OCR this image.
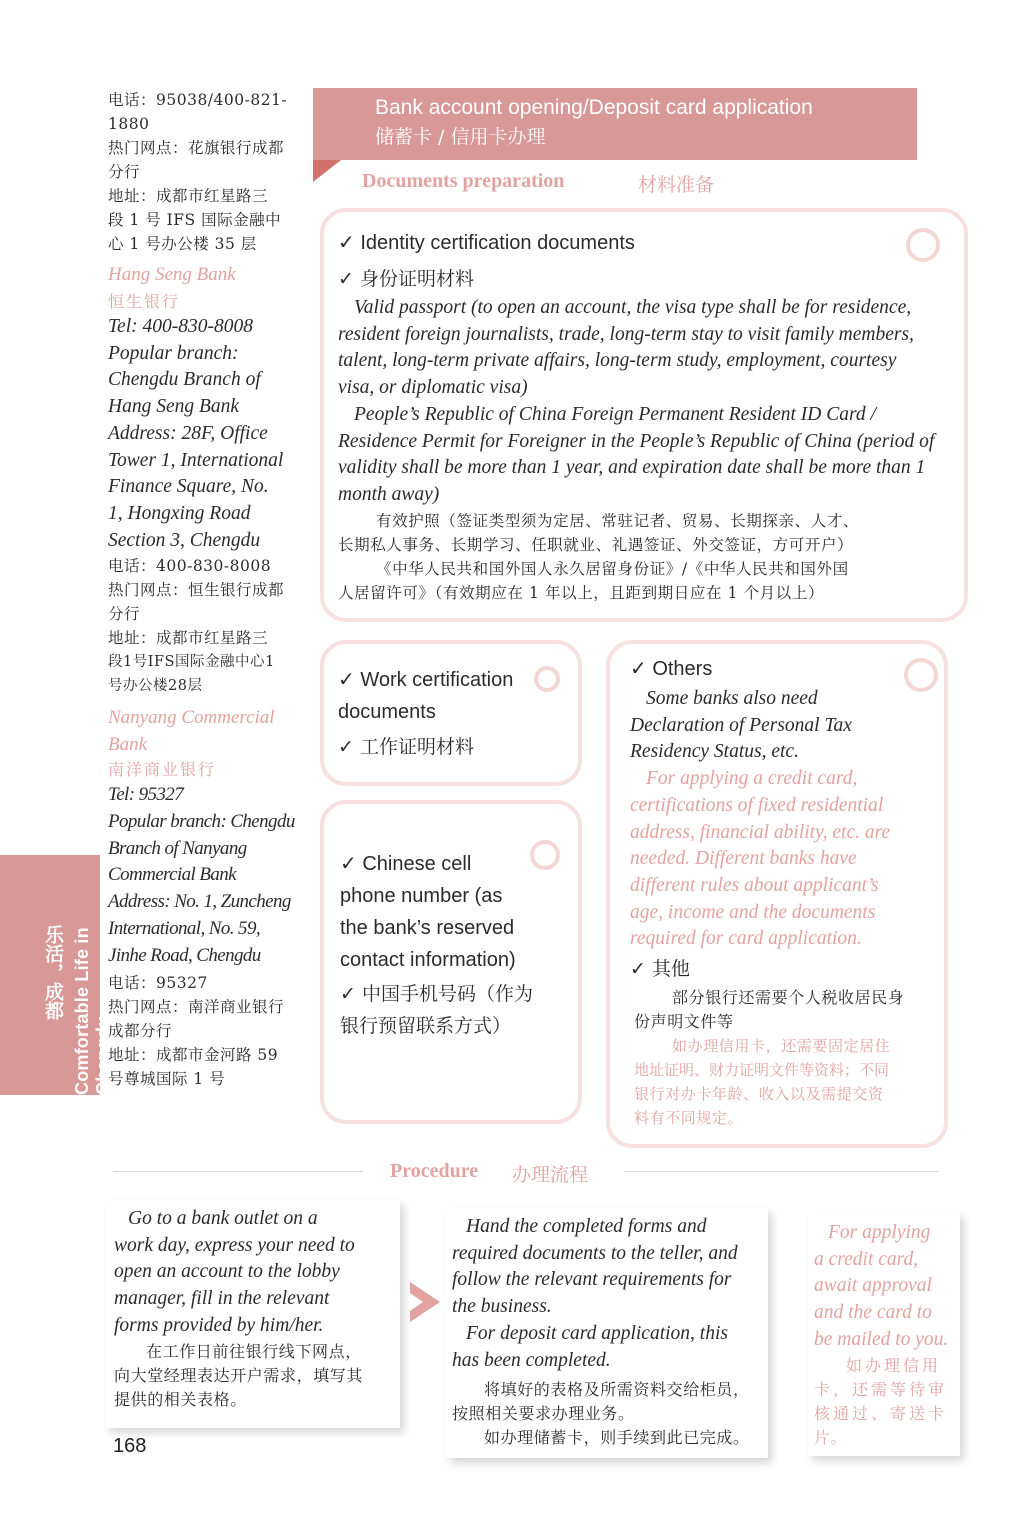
电话：95038/400-821-
1880
热门网点：花旗银行成都
分行
地址：成都市红星路三
段 1 号 IFS 国际金融中
心 1 号办公楼 35 层
Hang Seng Bank
恒生银行
Tel: 400-830-8008
Popular branch:
Chengdu Branch of
Hang Seng Bank
Address: 28F, Office
Tower 1, International
Finance Square, No.
1, Hongxing Road
Section 3, Chengdu
电话：400-830-8008
热门网点：恒生银行成都
分行
地址：成都市红星路三
段1号IFS国际金融中心1
号办公楼28层
Nanyang Commercial
Bank
南洋商业银行
Tel: 95327
Popular branch: Chengdu
Branch of Nanyang
Commercial Bank
Address: No. 1, Zuncheng
International, No. 59,
Jinhe Road, Chengdu
电话：95327
热门网点：南洋商业银行
成都分行
地址：成都市金河路 59
号尊城国际 1 号
Bank account opening/Deposit card application
储蓄卡 / 信用卡办理
Documents preparation	材料准备
✓ Identity certification documents
✓ 身份证明材料
Valid passport (to open an account, the visa type shall be for residence,
resident foreign journalists, trade, long-term stay to visit family members,
talent, long-term private affairs, long-term study, employment, courtesy
visa, or diplomatic visa)
People’s Republic of China Foreign Permanent Resident ID Card /
Residence Permit for Foreigner in the People’s Republic of China (period of
validity shall be more than 1 year, and expiration date shall be more than 1
month away)
有效护照（签证类型须为定居、常驻记者、贸易、长期探亲、人才、
长期私人事务、长期学习、任职就业、礼遇签证、外交签证，方可开户）
《中华人民共和国外国人永久居留身份证》/《中华人民共和国外国
人居留许可》（有效期应在 1 年以上，且距到期日应在 1 个月以上）
✓ Work certification
documents
✓ 工作证明材料
✓ Chinese cell
phone number (as
the bank’s reserved
contact information)
✓ 中国手机号码（作为
银行预留联系方式）
✓ Others
Some banks also need
Declaration of Personal Tax
Residency Status, etc.
For applying a credit card,
certifications of fixed residential
address, financial ability, etc. are
needed. Different banks have
different rules about applicant’s
age, income and the documents
required for card application.
✓ 其他
部分银行还需要个人税收居民身
份声明文件等
如办理信用卡，还需要固定居住
地址证明、财力证明文件等资料；不同
银行对办卡年龄、收入以及需提交资
料有不同规定。
Comfortable Life in Chengdu
乐活，成都
Procedure 办理流程
Go to a bank outlet on a
work day, express your need to
open an account to the lobby
manager, fill in the relevant
forms provided by him/her.
在工作日前往银行线下网点，
向大堂经理表达开户需求，填写其
提供的相关表格。
Hand the completed forms and
required documents to the teller, and
follow the relevant requirements for
the business.
For deposit card application, this
has been completed.
将填好的表格及所需资料交给柜员，
按照相关要求办理业务。
如办理储蓄卡，则手续到此已完成。
For applying
a credit card,
await approval
and the card to
be mailed to you.
如办理信用
卡，还需等待审
核通过、寄送卡
片。
168
